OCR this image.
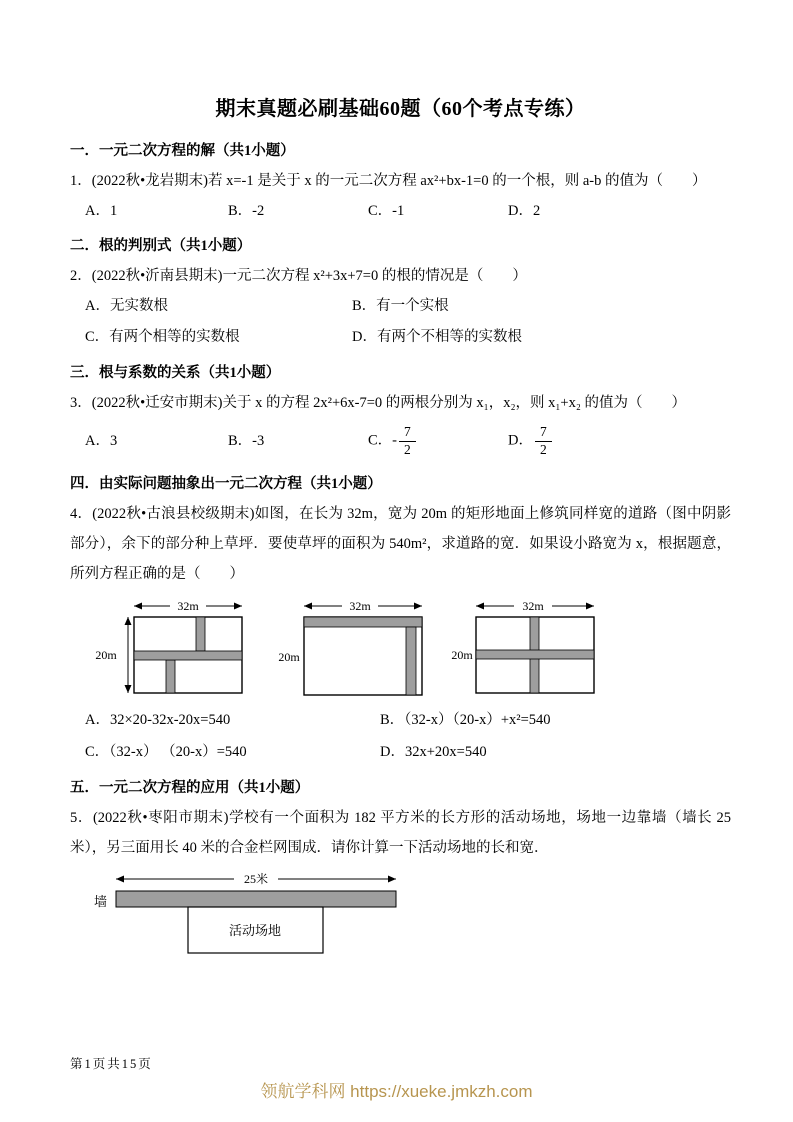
期末真题必刷基础60题（60个考点专练）
一．一元二次方程的解（共1小题）

1．(2022秋•龙岩期末)若 x=-1 是关于 x 的一元二次方程 ax²+bx-1=0 的一个根，则 a-b 的值为（　　）

A．1	B．-2	C．-1	D．2
二．根的判别式（共1小题）

2．(2022秋•沂南县期末)一元二次方程 x²+3x+7=0 的根的情况是（　　）

A．无实数根	B．有一个实根
C．有两个相等的实数根	D．有两个不相等的实数根
三．根与系数的关系（共1小题）

3．(2022秋•迁安市期末)关于 x 的方程 2x²+6x-7=0 的两根分别为 x₁，x₂，则 x₁+x₂ 的值为（　　）

A．3	B．-3	C．- $\frac{7}{2}$	D． $\frac{7}{2}$
四．由实际问题抽象出一元二次方程（共1小题）

4．(2022秋•古浪县校级期末)如图，在长为 32m，宽为 20m 的矩形地面上修筑同样宽的道路（图中阴影部分），余下的部分种上草坪．要使草坪的面积为 540m²，求道路的宽．如果设小路宽为 x，根据题意，所列方程正确的是（　　）

32m
20m
32m
20m
32m
20m
A．32×20-32x-20x=540	B．（32-x）（20-x）+x²=540
C．（32-x） （20-x）=540	D．32x+20x=540
五．一元二次方程的应用（共1小题）

5．(2022秋•枣阳市期末)学校有一个面积为 182 平方米的长方形的活动场地，场地一边靠墙（墙长 25 米），另三面用长 40 米的合金栏网围成．请你计算一下活动场地的长和宽．

25米
墙
活动场地
第1页共15页
领航学科网 https://xueke.jmkzh.com
